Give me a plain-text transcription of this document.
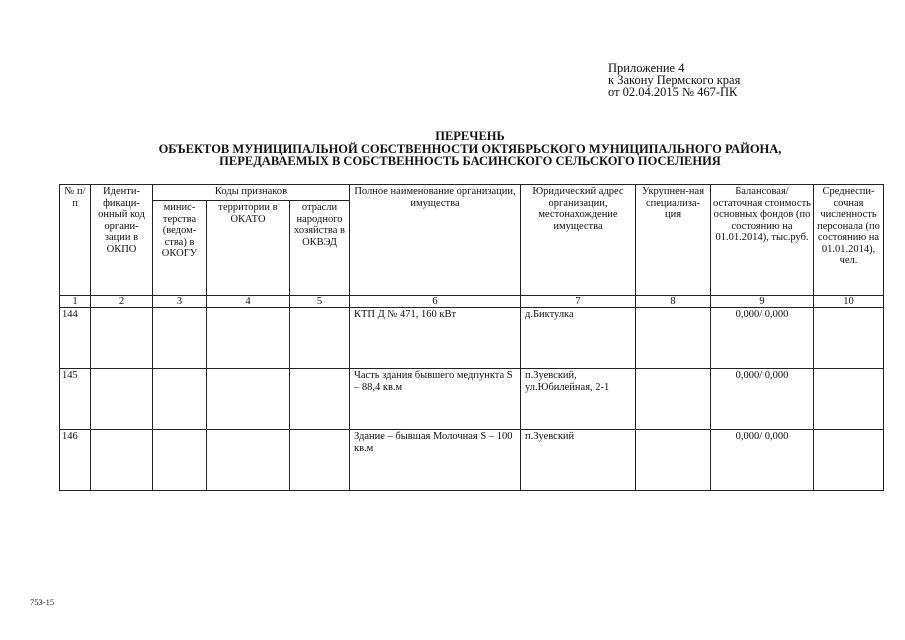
Приложение 4
к Закону Пермского края
от 02.04.2015 № 467-ПК
ПЕРЕЧЕНЬ
ОБЪЕКТОВ МУНИЦИПАЛЬНОЙ СОБСТВЕННОСТИ ОКТЯБРЬСКОГО МУНИЦИПАЛЬНОГО РАЙОНА,
ПЕРЕДАВАЕМЫХ В СОБСТВЕННОСТЬ БАСИНСКОГО СЕЛЬСКОГО ПОСЕЛЕНИЯ
№ п/п	Иденти-фикаци-онный код органи-зации в ОКПО	Коды признаков			Полное наименование организации, имущества	Юридический адрес организации, местонахождение имущества	Укрупнен-ная специализа-ция	Балансовая/ остаточная стоимость основных фондов (по состоянию на 01.01.2014), тыс.руб.	Среднеспи-сочная численность персонала (по состоянию на 01.01.2014), чел.
		минис-терства (ведом-ства) в ОКОГУ	территории в ОКАТО	отрасли народного хозяйства в ОКВЭД					
1	2	3	4	5	6	7	8	9	10
144					КТП Д № 471, 160 кВт	д.Биктулка		0,000/ 0,000	
145					Часть здания бывшего медпункта S – 88,4 кв.м	п.Зуевский, ул.Юбилейная, 2-1		0,000/ 0,000	
146					Здание – бывшая Молочная S – 100 кв.м	п.Зуевский		0,000/ 0,000	
753-15
